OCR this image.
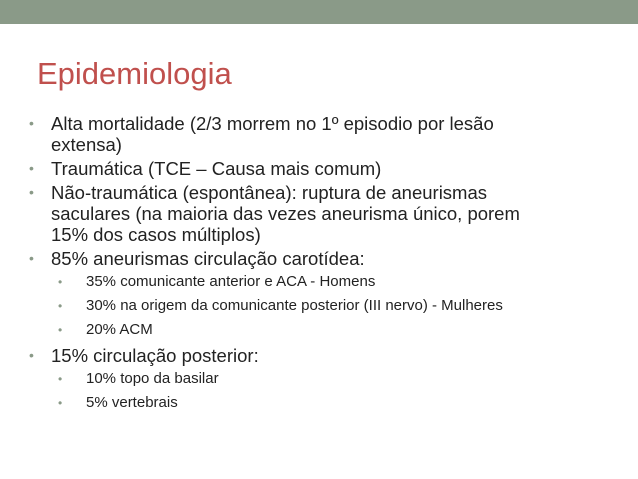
Epidemiologia
• Alta mortalidade (2/3 morrem no 1º episodio por lesão
extensa)
• Traumática (TCE – Causa mais comum)
• Não-traumática (espontânea): ruptura de aneurismas
saculares (na maioria das vezes aneurisma único, porem
15% dos casos múltiplos)
• 85% aneurismas circulação carotídea:
• 35% comunicante anterior e ACA - Homens
• 30% na origem da comunicante posterior (III nervo) - Mulheres
• 20% ACM
• 15% circulação posterior:
• 10% topo da basilar
• 5% vertebrais
